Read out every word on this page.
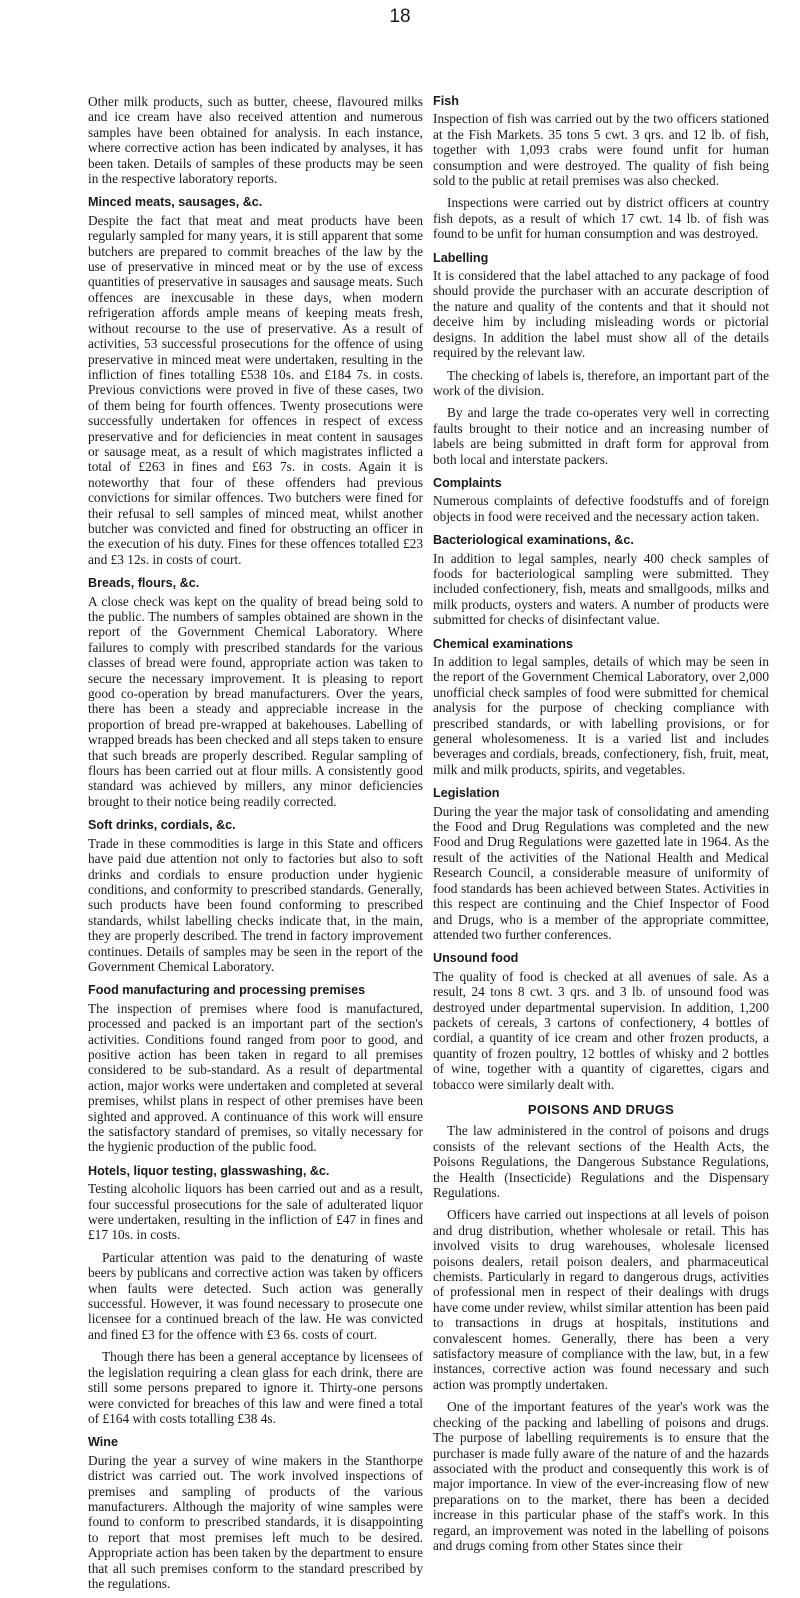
18

Other milk products, such as butter, cheese, flavoured milks and ice cream have also received attention and numerous samples have been obtained for analysis. In each instance, where corrective action has been indicated by analyses, it has been taken. Details of samples of these products may be seen in the respective laboratory reports.

Minced meats, sausages, &c.

Despite the fact that meat and meat products have been regularly sampled for many years, it is still apparent that some butchers are prepared to commit breaches of the law by the use of preservative in minced meat or by the use of excess quantities of preservative in sausages and sausage meats. Such offences are inexcusable in these days, when modern refrigeration affords ample means of keeping meats fresh, without recourse to the use of preservative. As a result of activities, 53 successful prosecutions for the offence of using preservative in minced meat were undertaken, resulting in the infliction of fines totalling £538 10s. and £184 7s. in costs. Previous convictions were proved in five of these cases, two of them being for fourth offences. Twenty prosecutions were successfully undertaken for offences in respect of excess preservative and for deficiencies in meat content in sausages or sausage meat, as a result of which magistrates inflicted a total of £263 in fines and £63 7s. in costs. Again it is noteworthy that four of these offenders had previous convictions for similar offences. Two butchers were fined for their refusal to sell samples of minced meat, whilst another butcher was convicted and fined for obstructing an officer in the execution of his duty. Fines for these offences totalled £23 and £3 12s. in costs of court.

Breads, flours, &c.

A close check was kept on the quality of bread being sold to the public. The numbers of samples obtained are shown in the report of the Government Chemical Laboratory. Where failures to comply with prescribed standards for the various classes of bread were found, appropriate action was taken to secure the necessary improvement. It is pleasing to report good co-operation by bread manufacturers. Over the years, there has been a steady and appreciable increase in the proportion of bread pre-wrapped at bakehouses. Labelling of wrapped breads has been checked and all steps taken to ensure that such breads are properly described. Regular sampling of flours has been carried out at flour mills. A consistently good standard was achieved by millers, any minor deficiencies brought to their notice being readily corrected.

Soft drinks, cordials, &c.

Trade in these commodities is large in this State and officers have paid due attention not only to factories but also to soft drinks and cordials to ensure production under hygienic conditions, and conformity to prescribed standards. Generally, such products have been found conforming to prescribed standards, whilst labelling checks indicate that, in the main, they are properly described. The trend in factory improvement continues. Details of samples may be seen in the report of the Government Chemical Laboratory.

Food manufacturing and processing premises

The inspection of premises where food is manufactured, processed and packed is an important part of the section's activities. Conditions found ranged from poor to good, and positive action has been taken in regard to all premises considered to be sub-standard. As a result of departmental action, major works were undertaken and completed at several premises, whilst plans in respect of other premises have been sighted and approved. A continuance of this work will ensure the satisfactory standard of premises, so vitally necessary for the hygienic production of the public food.

Hotels, liquor testing, glasswashing, &c.

Testing alcoholic liquors has been carried out and as a result, four successful prosecutions for the sale of adulterated liquor were undertaken, resulting in the infliction of £47 in fines and £17 10s. in costs.

Particular attention was paid to the denaturing of waste beers by publicans and corrective action was taken by officers when faults were detected. Such action was generally successful. However, it was found necessary to prosecute one licensee for a continued breach of the law. He was convicted and fined £3 for the offence with £3 6s. costs of court.

Though there has been a general acceptance by licensees of the legislation requiring a clean glass for each drink, there are still some persons prepared to ignore it. Thirty-one persons were convicted for breaches of this law and were fined a total of £164 with costs totalling £38 4s.

Wine

During the year a survey of wine makers in the Stanthorpe district was carried out. The work involved inspections of premises and sampling of products of the various manufacturers. Although the majority of wine samples were found to conform to prescribed standards, it is disappointing to report that most premises left much to be desired. Appropriate action has been taken by the department to ensure that all such premises conform to the standard prescribed by the regulations.

Fish

Inspection of fish was carried out by the two officers stationed at the Fish Markets. 35 tons 5 cwt. 3 qrs. and 12 lb. of fish, together with 1,093 crabs were found unfit for human consumption and were destroyed. The quality of fish being sold to the public at retail premises was also checked.

Inspections were carried out by district officers at country fish depots, as a result of which 17 cwt. 14 lb. of fish was found to be unfit for human consumption and was destroyed.

Labelling

It is considered that the label attached to any package of food should provide the purchaser with an accurate description of the nature and quality of the contents and that it should not deceive him by including misleading words or pictorial designs. In addition the label must show all of the details required by the relevant law.

The checking of labels is, therefore, an important part of the work of the division.

By and large the trade co-operates very well in correcting faults brought to their notice and an increasing number of labels are being submitted in draft form for approval from both local and interstate packers.

Complaints

Numerous complaints of defective foodstuffs and of foreign objects in food were received and the necessary action taken.

Bacteriological examinations, &c.

In addition to legal samples, nearly 400 check samples of foods for bacteriological sampling were submitted. They included confectionery, fish, meats and smallgoods, milks and milk products, oysters and waters. A number of products were submitted for checks of disinfectant value.

Chemical examinations

In addition to legal samples, details of which may be seen in the report of the Government Chemical Laboratory, over 2,000 unofficial check samples of food were submitted for chemical analysis for the purpose of checking compliance with prescribed standards, or with labelling provisions, or for general wholesomeness. It is a varied list and includes beverages and cordials, breads, confectionery, fish, fruit, meat, milk and milk products, spirits, and vegetables.

Legislation

During the year the major task of consolidating and amending the Food and Drug Regulations was completed and the new Food and Drug Regulations were gazetted late in 1964. As the result of the activities of the National Health and Medical Research Council, a considerable measure of uniformity of food standards has been achieved between States. Activities in this respect are continuing and the Chief Inspector of Food and Drugs, who is a member of the appropriate committee, attended two further conferences.

Unsound food

The quality of food is checked at all avenues of sale. As a result, 24 tons 8 cwt. 3 qrs. and 3 lb. of unsound food was destroyed under departmental supervision. In addition, 1,200 packets of cereals, 3 cartons of confectionery, 4 bottles of cordial, a quantity of ice cream and other frozen products, a quantity of frozen poultry, 12 bottles of whisky and 2 bottles of wine, together with a quantity of cigarettes, cigars and tobacco were similarly dealt with.

POISONS AND DRUGS

The law administered in the control of poisons and drugs consists of the relevant sections of the Health Acts, the Poisons Regulations, the Dangerous Substance Regulations, the Health (Insecticide) Regulations and the Dispensary Regulations.

Officers have carried out inspections at all levels of poison and drug distribution, whether wholesale or retail. This has involved visits to drug warehouses, wholesale licensed poisons dealers, retail poison dealers, and pharmaceutical chemists. Particularly in regard to dangerous drugs, activities of professional men in respect of their dealings with drugs have come under review, whilst similar attention has been paid to transactions in drugs at hospitals, institutions and convalescent homes. Generally, there has been a very satisfactory measure of compliance with the law, but, in a few instances, corrective action was found necessary and such action was promptly undertaken.

One of the important features of the year's work was the checking of the packing and labelling of poisons and drugs. The purpose of labelling requirements is to ensure that the purchaser is made fully aware of the nature of and the hazards associated with the product and consequently this work is of major importance. In view of the ever-increasing flow of new preparations on to the market, there has been a decided increase in this particular phase of the staff's work. In this regard, an improvement was noted in the labelling of poisons and drugs coming from other States since their
